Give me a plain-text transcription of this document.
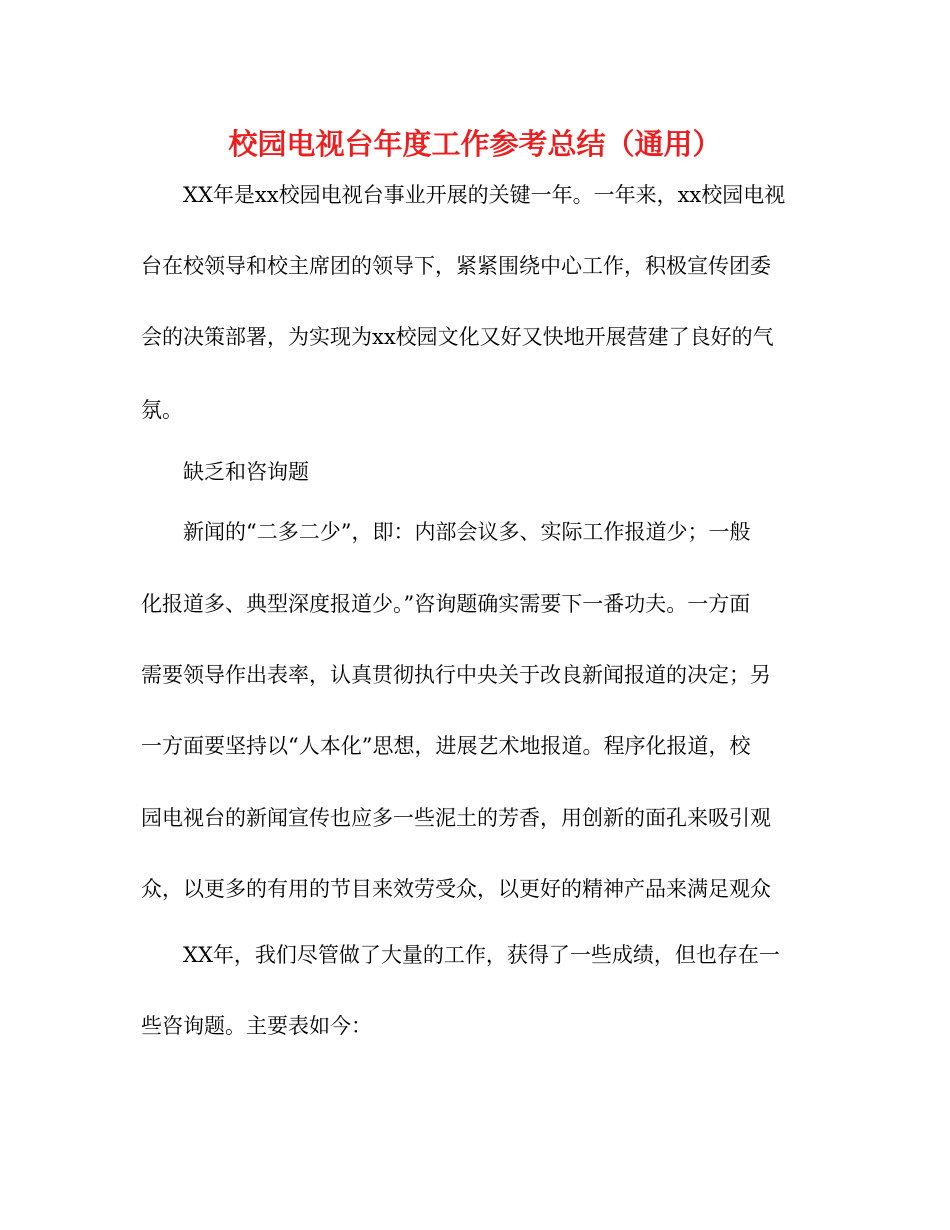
校园电视台年度工作参考总结（通用）

XX年是xx校园电视台事业开展的关键一年。一年来，xx校园电视

台在校领导和校主席团的领导下，紧紧围绕中心工作，积极宣传团委

会的决策部署，为实现为xx校园文化又好又快地开展营建了良好的气

氛。

缺乏和咨询题

新闻的“二多二少”，即：内部会议多、实际工作报道少；一般

化报道多、典型深度报道少。”咨询题确实需要下一番功夫。一方面

需要领导作出表率，认真贯彻执行中央关于改良新闻报道的决定；另

一方面要坚持以“人本化”思想，进展艺术地报道。程序化报道，校

园电视台的新闻宣传也应多一些泥土的芳香，用创新的面孔来吸引观

众，以更多的有用的节目来效劳受众，以更好的精神产品来满足观众

XX年，我们尽管做了大量的工作，获得了一些成绩，但也存在一

些咨询题。主要表如今：
